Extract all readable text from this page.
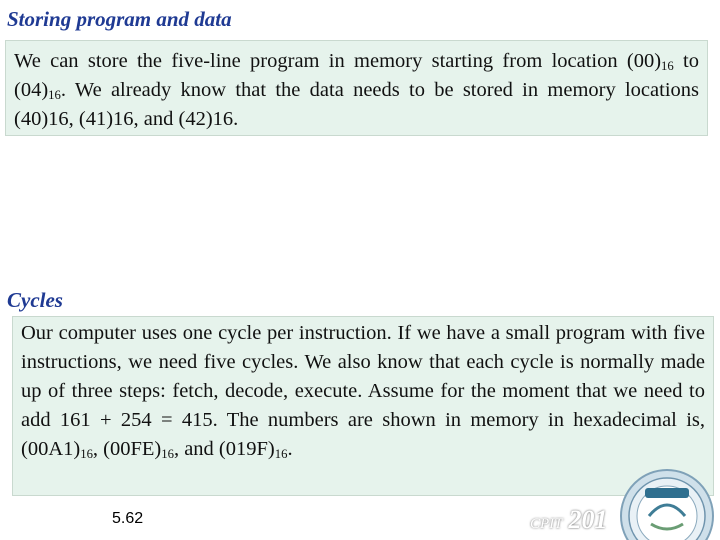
Storing program and data
We can store the five-line program in memory starting from location $(00)_{16}$ to $(04)_{16}$. We already know that the data needs to be stored in memory locations (40)16, (41)16, and (42)16.
Cycles
Our computer uses one cycle per instruction. If we have a small program with five instructions, we need five cycles. We also know that each cycle is normally made up of three steps: fetch, decode, execute. Assume for the moment that we need to add 161 + 254 = 415. The numbers are shown in memory in hexadecimal is, $(00A1)_{16}$, $(00FE)_{16}$, and $(019F)_{16}$.
5.62	CPIT 201
